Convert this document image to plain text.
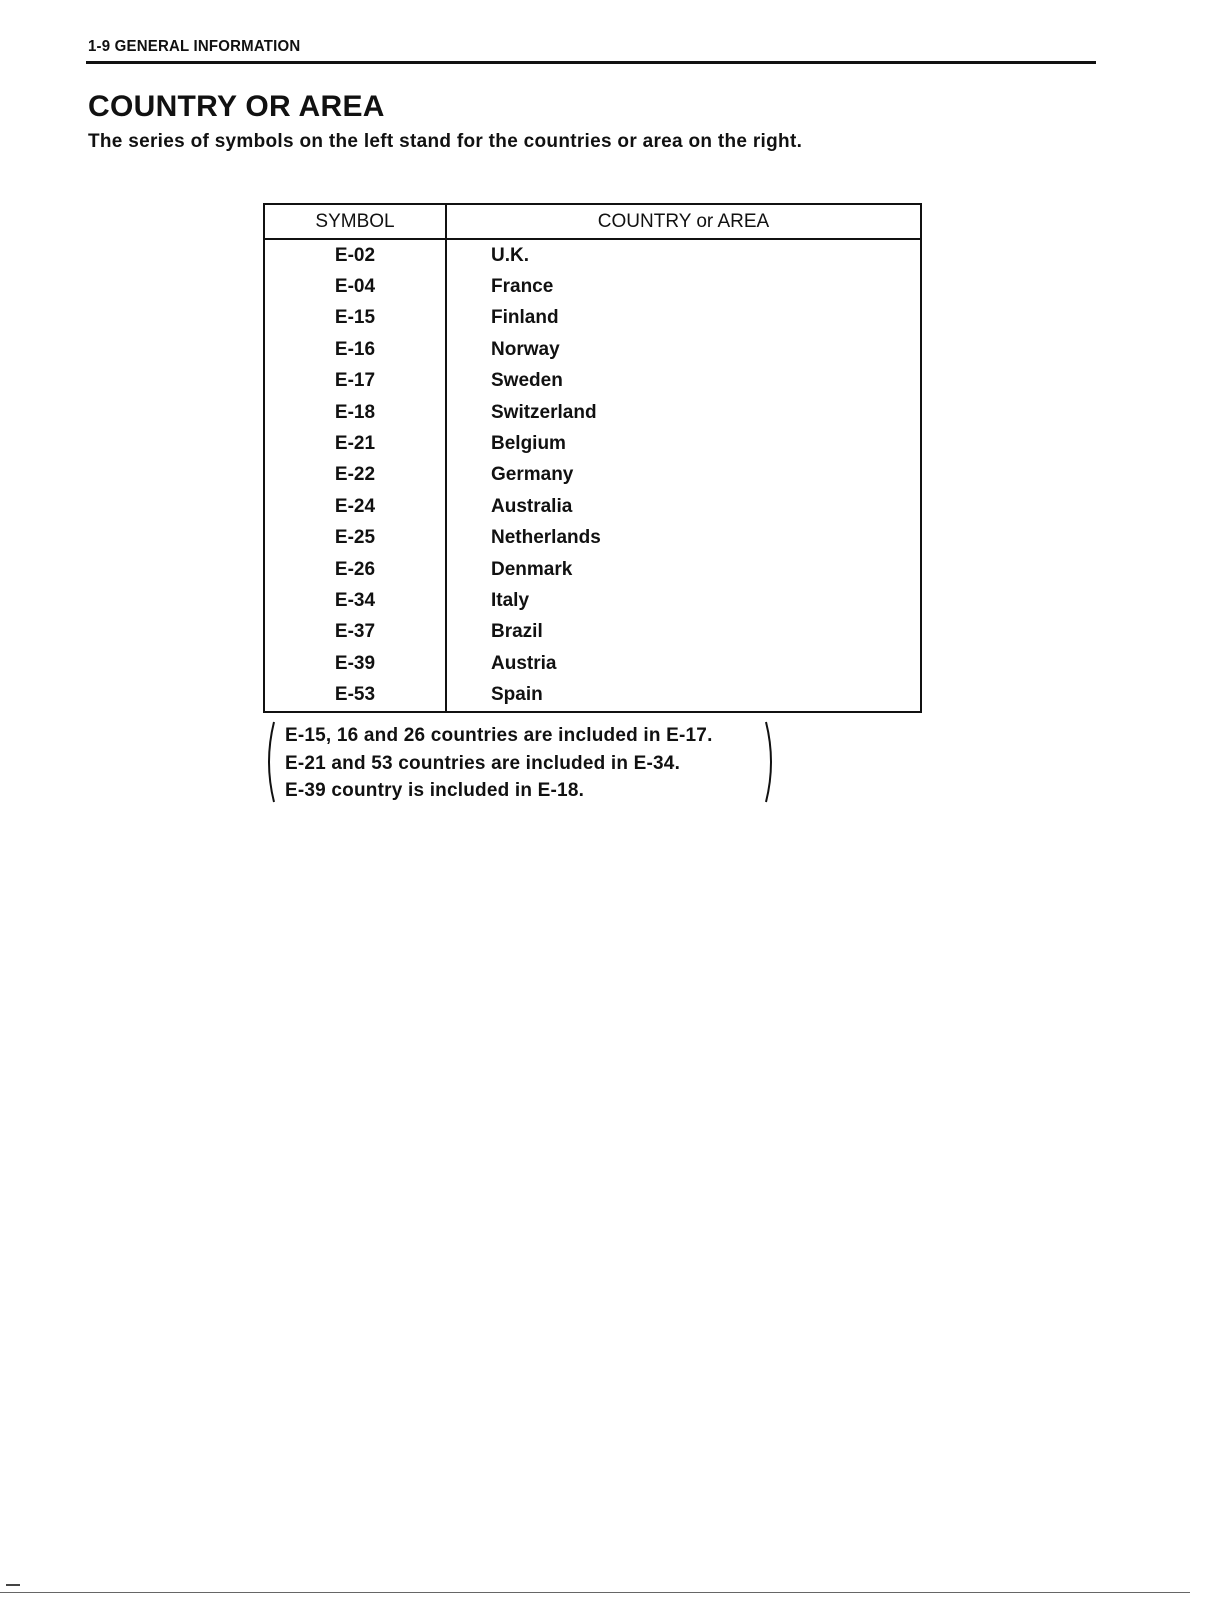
1-9 GENERAL INFORMATION
COUNTRY OR AREA

The series of symbols on the left stand for the countries or area on the right.

SYMBOL	COUNTRY or AREA
E-02	U.K.
E-04	France
E-15	Finland
E-16	Norway
E-17	Sweden
E-18	Switzerland
E-21	Belgium
E-22	Germany
E-24	Australia
E-25	Netherlands
E-26	Denmark
E-34	Italy
E-37	Brazil
E-39	Austria
E-53	Spain
E-15, 16 and 26 countries are included in E-17.
E-21 and 53 countries are included in E-34.
E-39 country is included in E-18.
